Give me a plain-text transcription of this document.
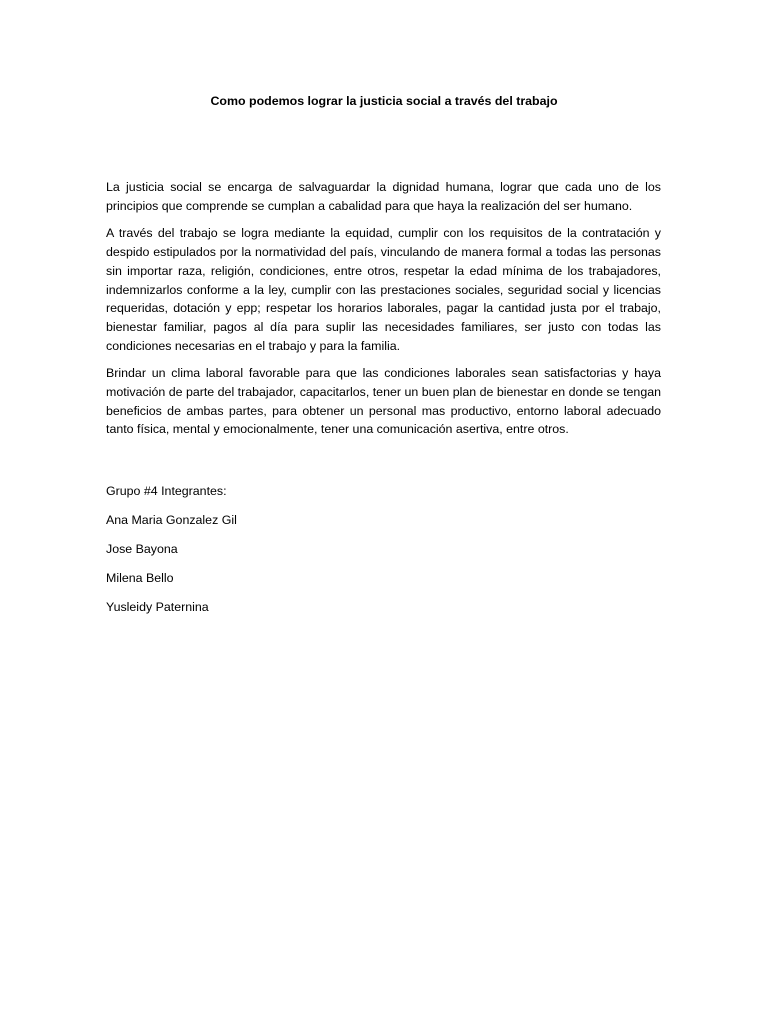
Como podemos lograr la justicia social a través del trabajo

La justicia social se encarga de salvaguardar la dignidad humana, lograr que cada uno de los principios que comprende se cumplan a cabalidad para que haya la realización del ser humano.

A través del trabajo se logra mediante la equidad, cumplir con los requisitos de la contratación y despido estipulados por la normatividad del país, vinculando de manera formal a todas las personas sin importar raza, religión, condiciones, entre otros, respetar la edad mínima de los trabajadores, indemnizarlos conforme a la ley, cumplir con las prestaciones sociales, seguridad social y licencias requeridas, dotación y epp; respetar los horarios laborales, pagar la cantidad justa por el trabajo, bienestar familiar, pagos al día para suplir las necesidades familiares, ser justo con todas las condiciones necesarias en el trabajo y para la familia.

Brindar un clima laboral favorable para que las condiciones laborales sean satisfactorias y haya motivación de parte del trabajador, capacitarlos, tener un buen plan de bienestar en donde se tengan beneficios de ambas partes, para obtener un personal mas productivo, entorno laboral adecuado tanto física, mental y emocionalmente, tener una comunicación asertiva, entre otros.

Grupo #4 Integrantes:

Ana Maria Gonzalez Gil

Jose Bayona

Milena Bello

Yusleidy Paternina
